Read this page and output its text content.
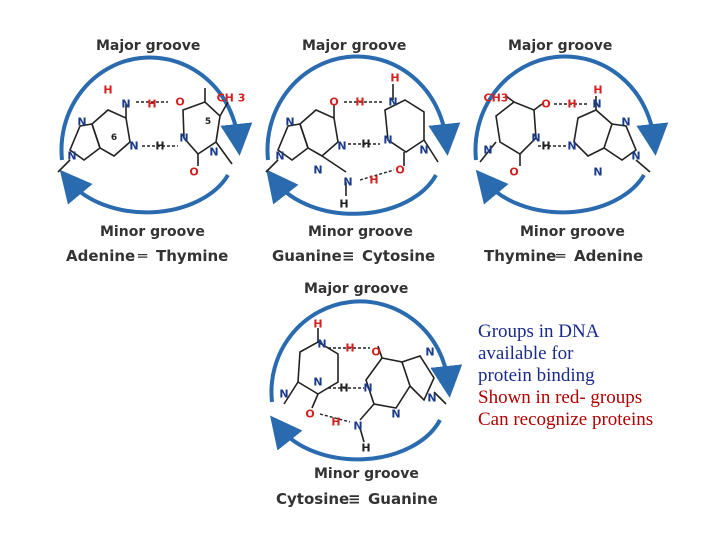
Major groove
H
N H O	CH 3
N
6
5
N H
N
N	N
O
Minor groove
Adenine ═ Thymine
Major groove
O H N
H
N
N H N
N	N
N
N H
O
H
Minor groove
Guanine ≡ Cytosine
Major groove
CH3	O H N
H
N
N
H N
N	N
N
O
Minor groove
Thymine ═ Adenine
Major groove
H
N H O	N
N H N
N	N
N
O
H N
H
Minor groove
Cytosine
≡ Guanine
Groups in DNA
available for
protein binding
Shown in red- groups
Can recognize proteins
